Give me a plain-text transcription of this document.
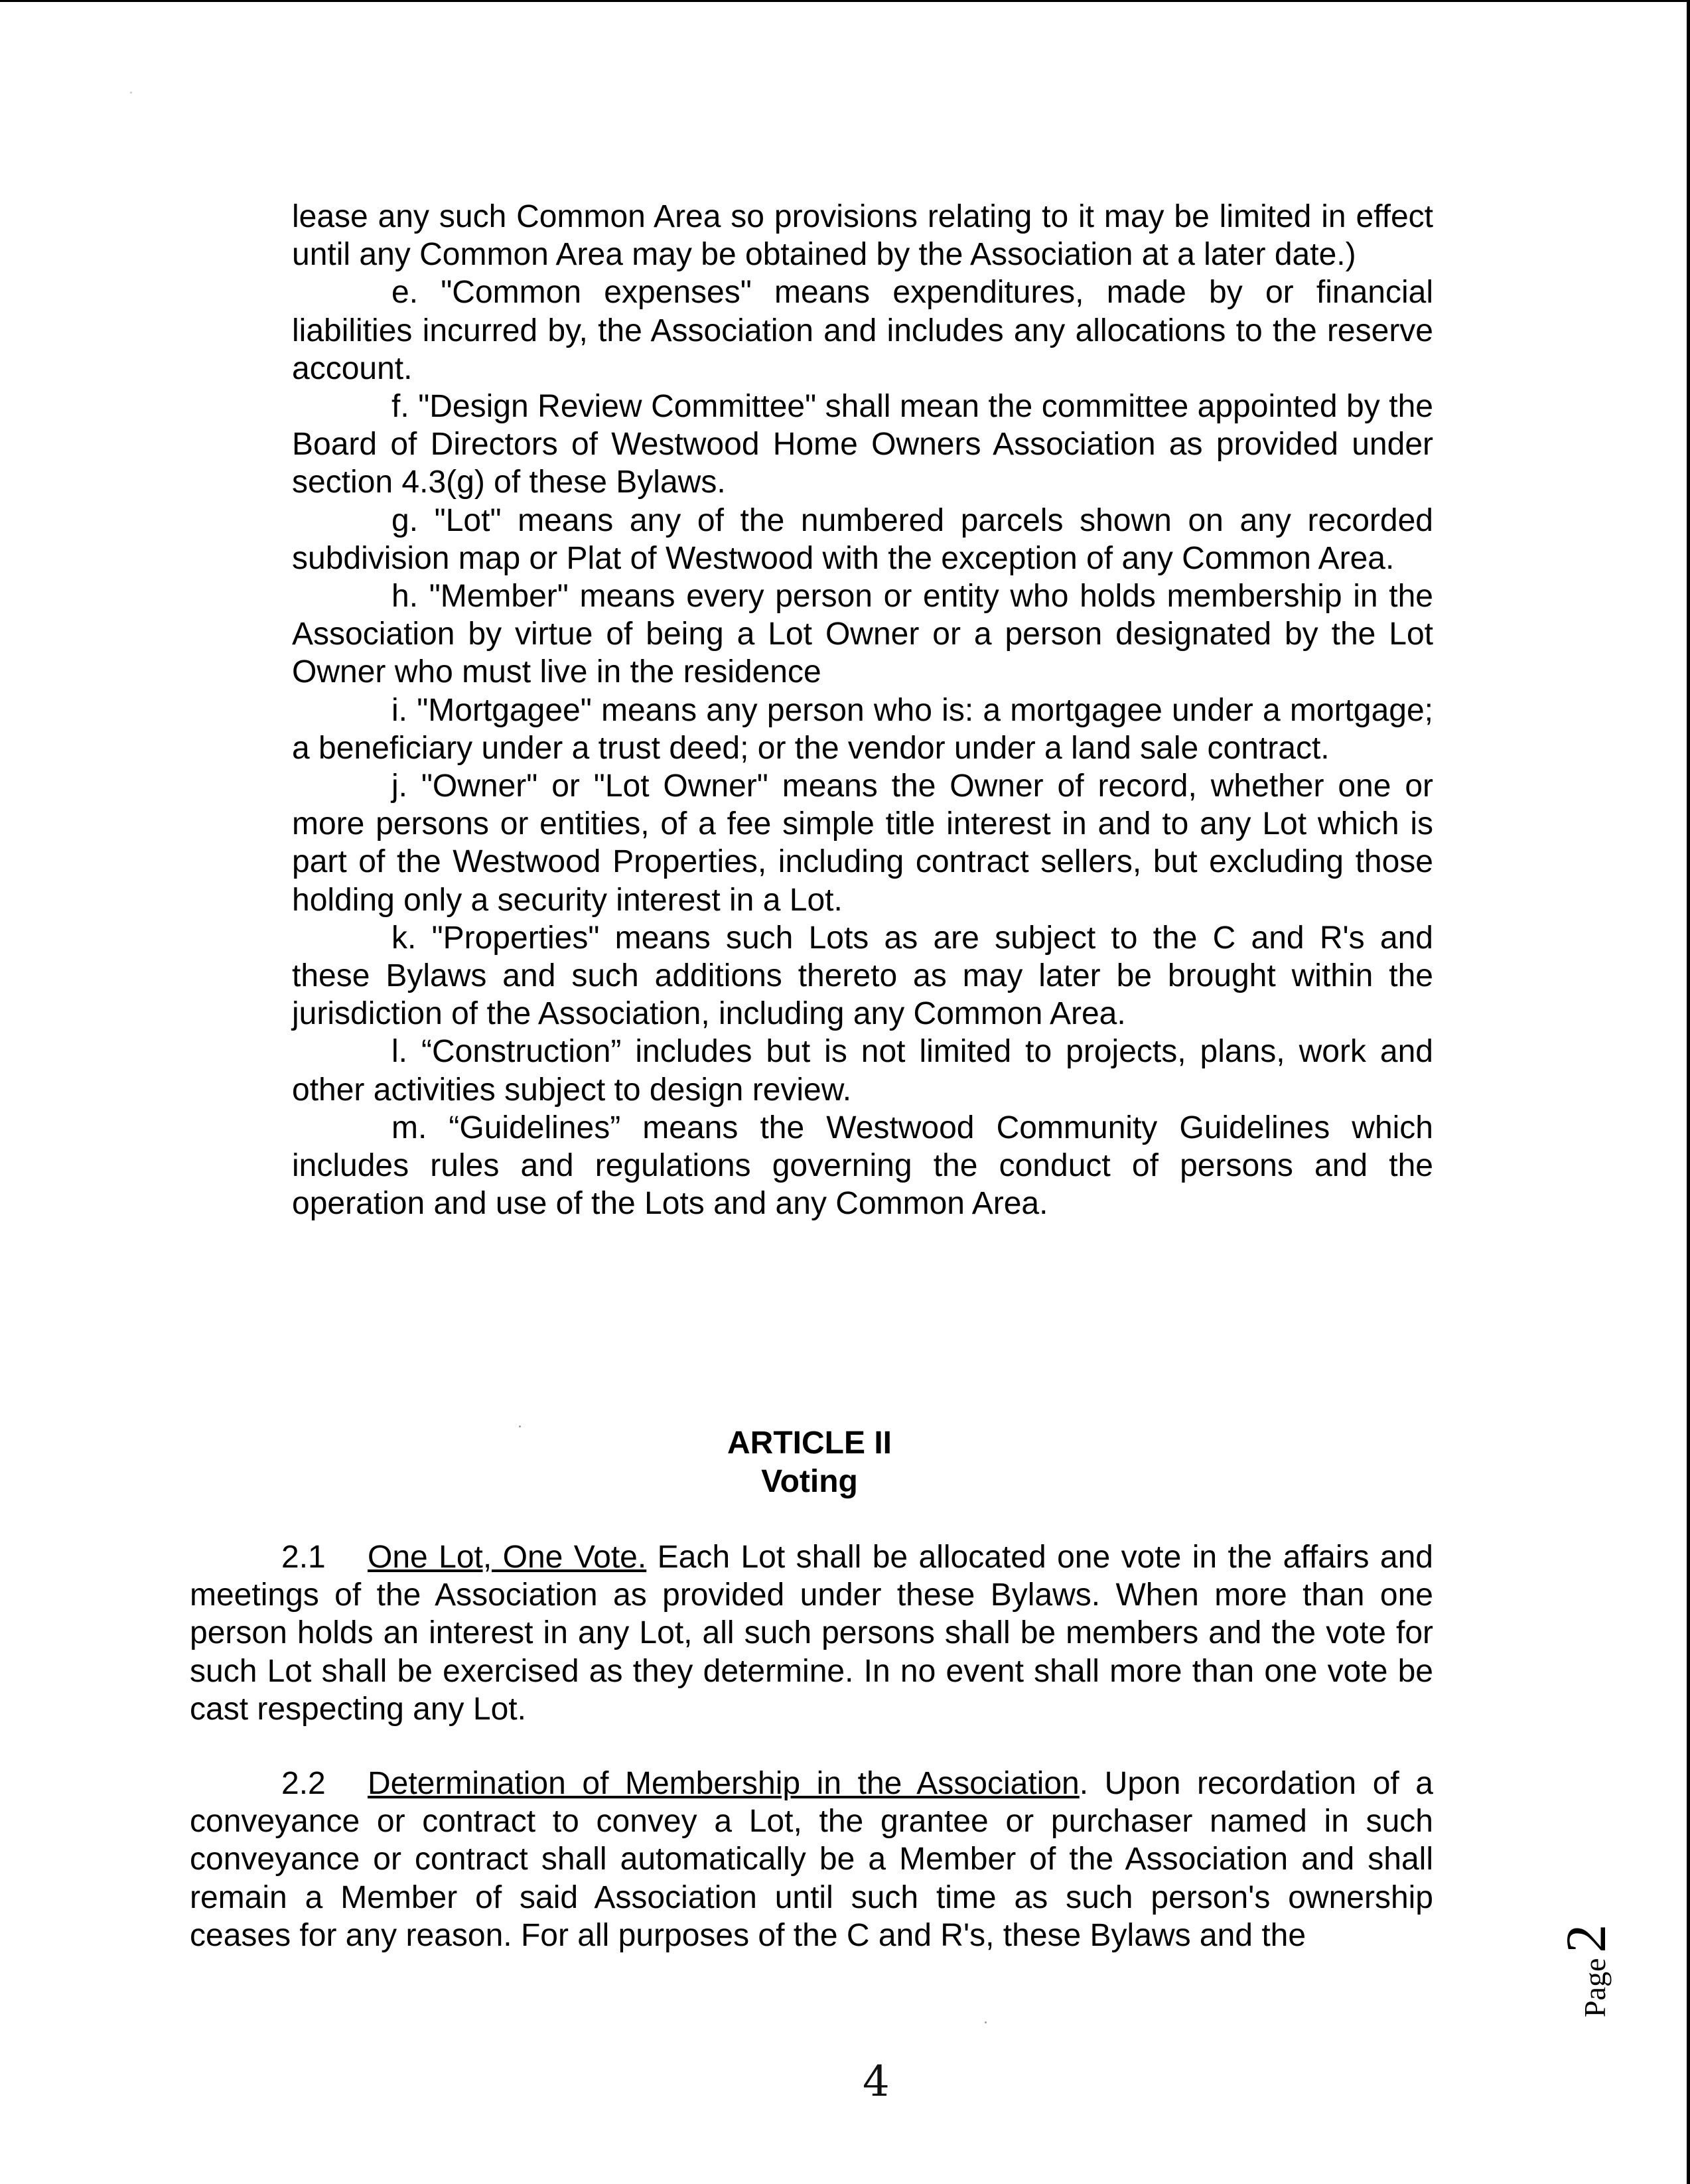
lease any such Common Area so provisions relating to it may be limited in effect until any Common Area may be obtained by the Association at a later date.)

e. "Common expenses" means expenditures, made by or financial liabilities incurred by, the Association and includes any allocations to the reserve account.

f. "Design Review Committee" shall mean the committee appointed by the Board of Directors of Westwood Home Owners Association as provided under section 4.3(g) of these Bylaws.

g. "Lot" means any of the numbered parcels shown on any recorded subdivision map or Plat of Westwood with the exception of any Common Area.

h. "Member" means every person or entity who holds membership in the Association by virtue of being a Lot Owner or a person designated by the Lot Owner who must live in the residence

i. "Mortgagee" means any person who is: a mortgagee under a mortgage; a beneficiary under a trust deed; or the vendor under a land sale contract.

j. "Owner" or "Lot Owner" means the Owner of record, whether one or more persons or entities, of a fee simple title interest in and to any Lot which is part of the Westwood Properties, including contract sellers, but excluding those holding only a security interest in a Lot.

k. "Properties" means such Lots as are subject to the C and R's and these Bylaws and such additions thereto as may later be brought within the jurisdiction of the Association, including any Common Area.

l. “Construction” includes but is not limited to projects, plans, work and other activities subject to design review.

m. “Guidelines” means the Westwood Community Guidelines which includes rules and regulations governing the conduct of persons and the operation and use of the Lots and any Common Area.

ARTICLE II
Voting

2.1 One Lot, One Vote. Each Lot shall be allocated one vote in the affairs and meetings of the Association as provided under these Bylaws. When more than one person holds an interest in any Lot, all such persons shall be members and the vote for such Lot shall be exercised as they determine. In no event shall more than one vote be cast respecting any Lot.

2.2 Determination of Membership in the Association. Upon recordation of a conveyance or contract to convey a Lot, the grantee or purchaser named in such conveyance or contract shall automatically be a Member of the Association and shall remain a Member of said Association until such time as such person's ownership ceases for any reason. For all purposes of the C and R's, these Bylaws and the

Page2
4
